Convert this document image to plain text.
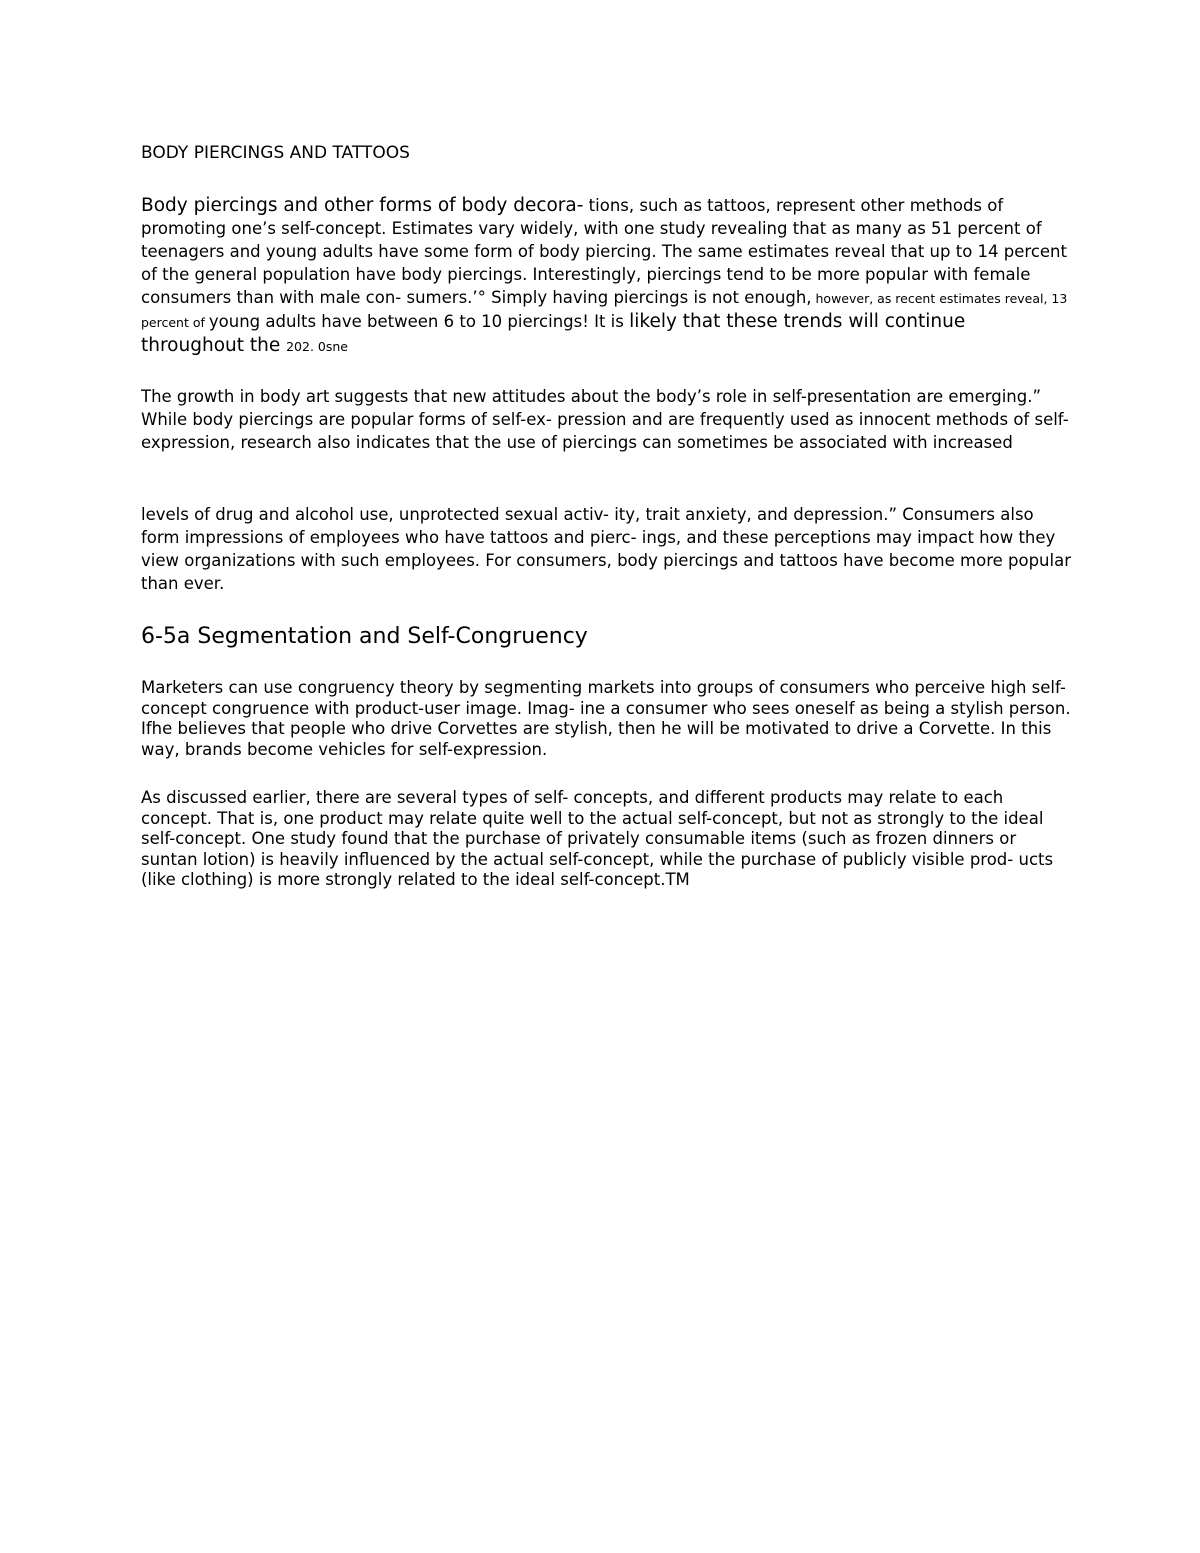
BODY PIERCINGS AND TATTOOS

Body piercings and other forms of body decora- tions, such as tattoos, represent other methods of promoting one’s self-concept. Estimates vary widely, with one study revealing that as many as 51 percent of teenagers and young adults have some form of body piercing. The same estimates reveal that up to 14 percent of the general population have body piercings. Interestingly, piercings tend to be more popular with female consumers than with male con- sumers.’° Simply having piercings is not enough, however, as recent estimates reveal, 13 percent of young adults have between 6 to 10 piercings! It is likely that these trends will continue throughout the 202. 0sne

The growth in body art suggests that new attitudes about the body’s role in self-presentation are emerging.” While body piercings are popular forms of self-ex- pression and are frequently used as innocent methods of self-expression, research also indicates that the use of piercings can sometimes be associated with increased

levels of drug and alcohol use, unprotected sexual activ- ity, trait anxiety, and depression.” Consumers also form impressions of employees who have tattoos and pierc- ings, and these perceptions may impact how they view organizations with such employees. For consumers, body piercings and tattoos have become more popular than ever.

6-5a Segmentation and Self-Congruency

Marketers can use congruency theory by segmenting markets into groups of consumers who perceive high self-concept congruence with product-user image. Imag- ine a consumer who sees oneself as being a stylish person. Ifhe believes that people who drive Corvettes are stylish, then he will be motivated to drive a Corvette. In this way, brands become vehicles for self-expression.

As discussed earlier, there are several types of self- concepts, and different products may relate to each concept. That is, one product may relate quite well to the actual self-concept, but not as strongly to the ideal self-concept. One study found that the purchase of privately consumable items (such as frozen dinners or suntan lotion) is heavily influenced by the actual self-concept, while the purchase of publicly visible prod- ucts (like clothing) is more strongly related to the ideal self-concept.TM
